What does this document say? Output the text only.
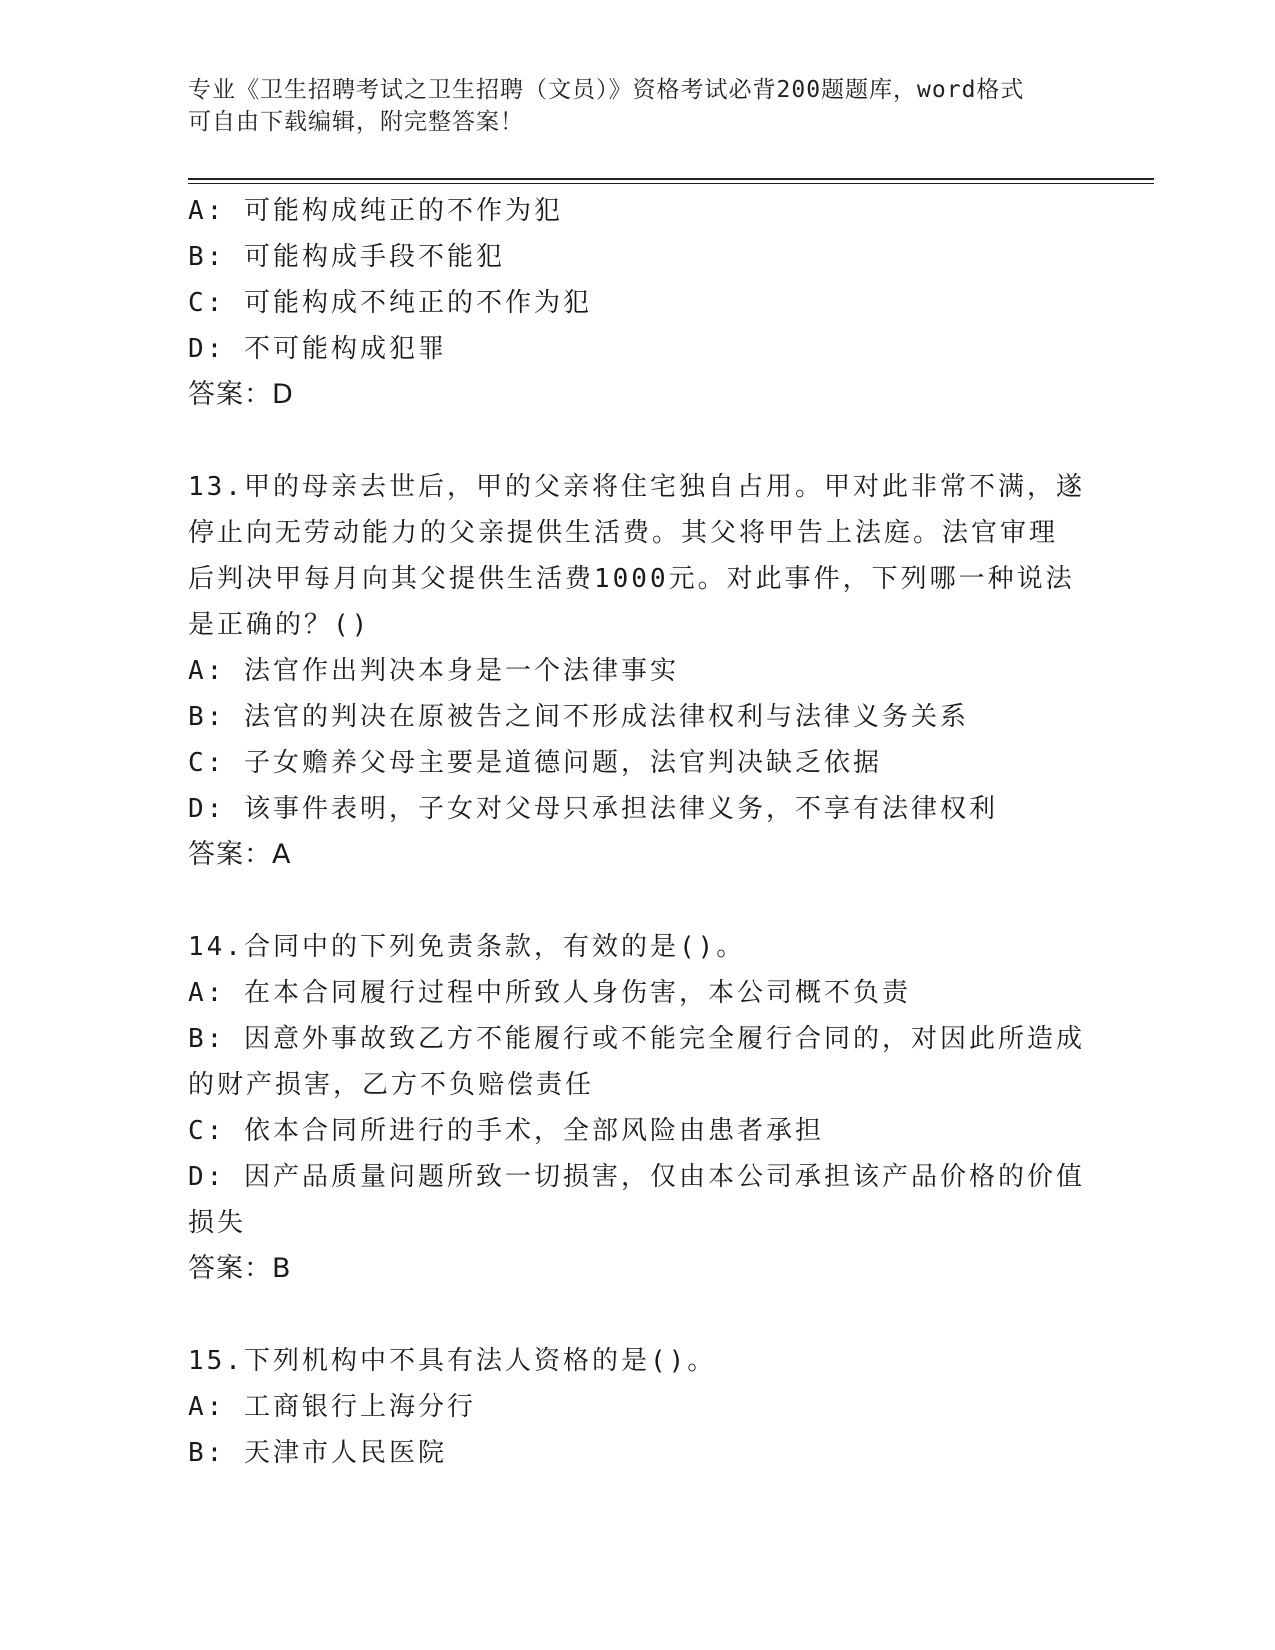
专业《卫生招聘考试之卫生招聘（文员）》资格考试必背200题题库，word格式
可自由下载编辑，附完整答案！
A: 可能构成纯正的不作为犯
B: 可能构成手段不能犯
C: 可能构成不纯正的不作为犯
D: 不可能构成犯罪
答案：D
13.甲的母亲去世后，甲的父亲将住宅独自占用。甲对此非常不满，遂
停止向无劳动能力的父亲提供生活费。其父将甲告上法庭。法官审理
后判决甲每月向其父提供生活费1000元。对此事件，下列哪一种说法
是正确的？()
A: 法官作出判决本身是一个法律事实
B: 法官的判决在原被告之间不形成法律权利与法律义务关系
C: 子女赡养父母主要是道德问题，法官判决缺乏依据
D: 该事件表明，子女对父母只承担法律义务，不享有法律权利
答案：A
14.合同中的下列免责条款，有效的是()。
A: 在本合同履行过程中所致人身伤害，本公司概不负责
B: 因意外事故致乙方不能履行或不能完全履行合同的，对因此所造成
的财产损害，乙方不负赔偿责任
C: 依本合同所进行的手术，全部风险由患者承担
D: 因产品质量问题所致一切损害，仅由本公司承担该产品价格的价值
损失
答案：B
15.下列机构中不具有法人资格的是()。
A: 工商银行上海分行
B: 天津市人民医院
